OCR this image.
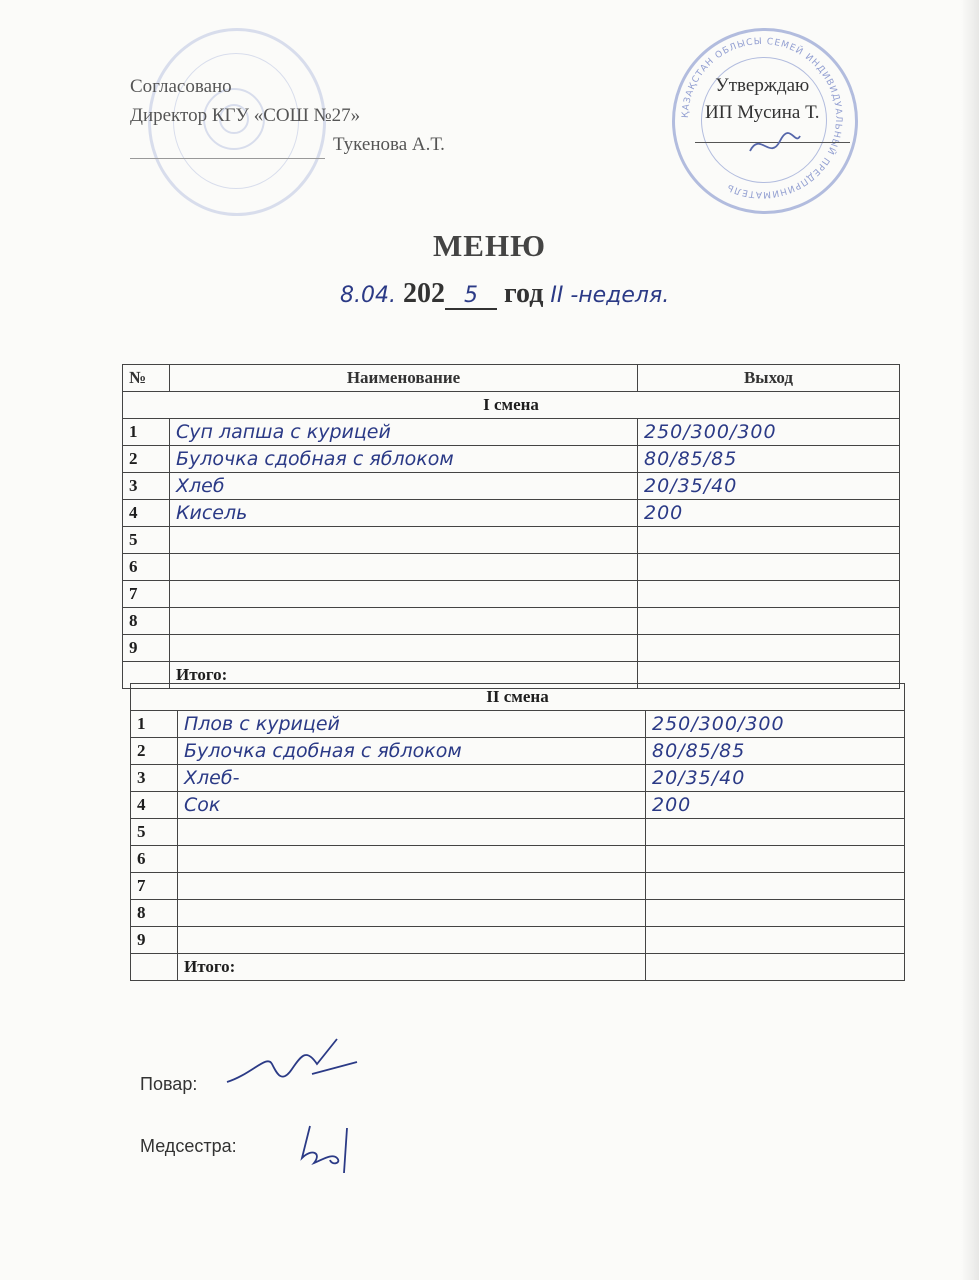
ҚАЗАҚСТАН ОБЛЫСЫ СЕМЕЙ ИНДИВИДУАЛЬНЫЙ ПРЕДПРИНИМАТЕЛЬ
Согласовано
Директор КГУ «СОШ №27»
Тукенова А.Т.
Утверждаю
ИП Мусина Т.
МЕНЮ
8.04. 202 5 год II -неделя.
№	Наименование	Выход
I смена		
1	Суп лапша с курицей	250/300/300
2	Булочка сдобная с яблоком	80/85/85
3	Хлеб	20/35/40
4	Кисель	200
5		
6		
7		
8		
9		
	Итого:	
II смена		
1	Плов с курицей	250/300/300
2	Булочка сдобная с яблоком	80/85/85
3	Хлеб-	20/35/40
4	Сок	200
5		
6		
7		
8		
9		
	Итого:	
Повар:
Медсестра:
